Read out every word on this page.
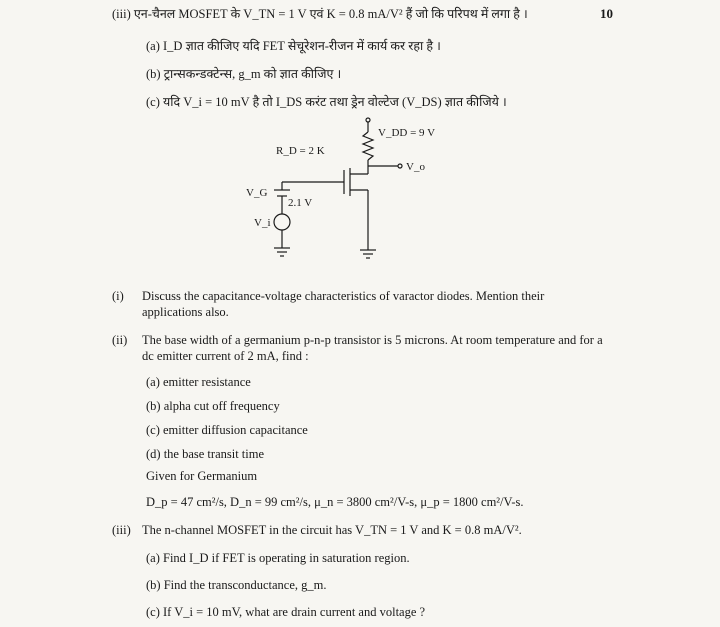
(iii) एन-चैनल MOSFET के V_TN = 1 V एवं K = 0.8 mA/V² हैं जो कि परिपथ में लगा है ।	10
(a) I_D ज्ञात कीजिए यदि FET सेचूरेशन-रीजन में कार्य कर रहा है ।
(b) ट्रान्सकन्डक्टेन्स, g_m को ज्ञात कीजिए ।
(c) यदि V_i = 10 mV है तो I_DS करंट तथा ड्रेन वोल्टेज (V_DS) ज्ञात कीजिये ।
V_DD = 9 V
R_D = 2 K
V_o
V_G
2.1 V
V_i
(i) Discuss the capacitance-voltage characteristics of varactor diodes. Mention their applications also.
(ii) The base width of a germanium p-n-p transistor is 5 microns. At room temperature and for a dc emitter current of 2 mA, find :
(a) emitter resistance
(b) alpha cut off frequency
(c) emitter diffusion capacitance
(d) the base transit time
Given for Germanium
D_p = 47 cm²/s, D_n = 99 cm²/s, μ_n = 3800 cm²/V-s, μ_p = 1800 cm²/V-s.
(iii) The n-channel MOSFET in the circuit has V_TN = 1 V and K = 0.8 mA/V².
(a) Find I_D if FET is operating in saturation region.
(b) Find the transconductance, g_m.
(c) If V_i = 10 mV, what are drain current and voltage ?
